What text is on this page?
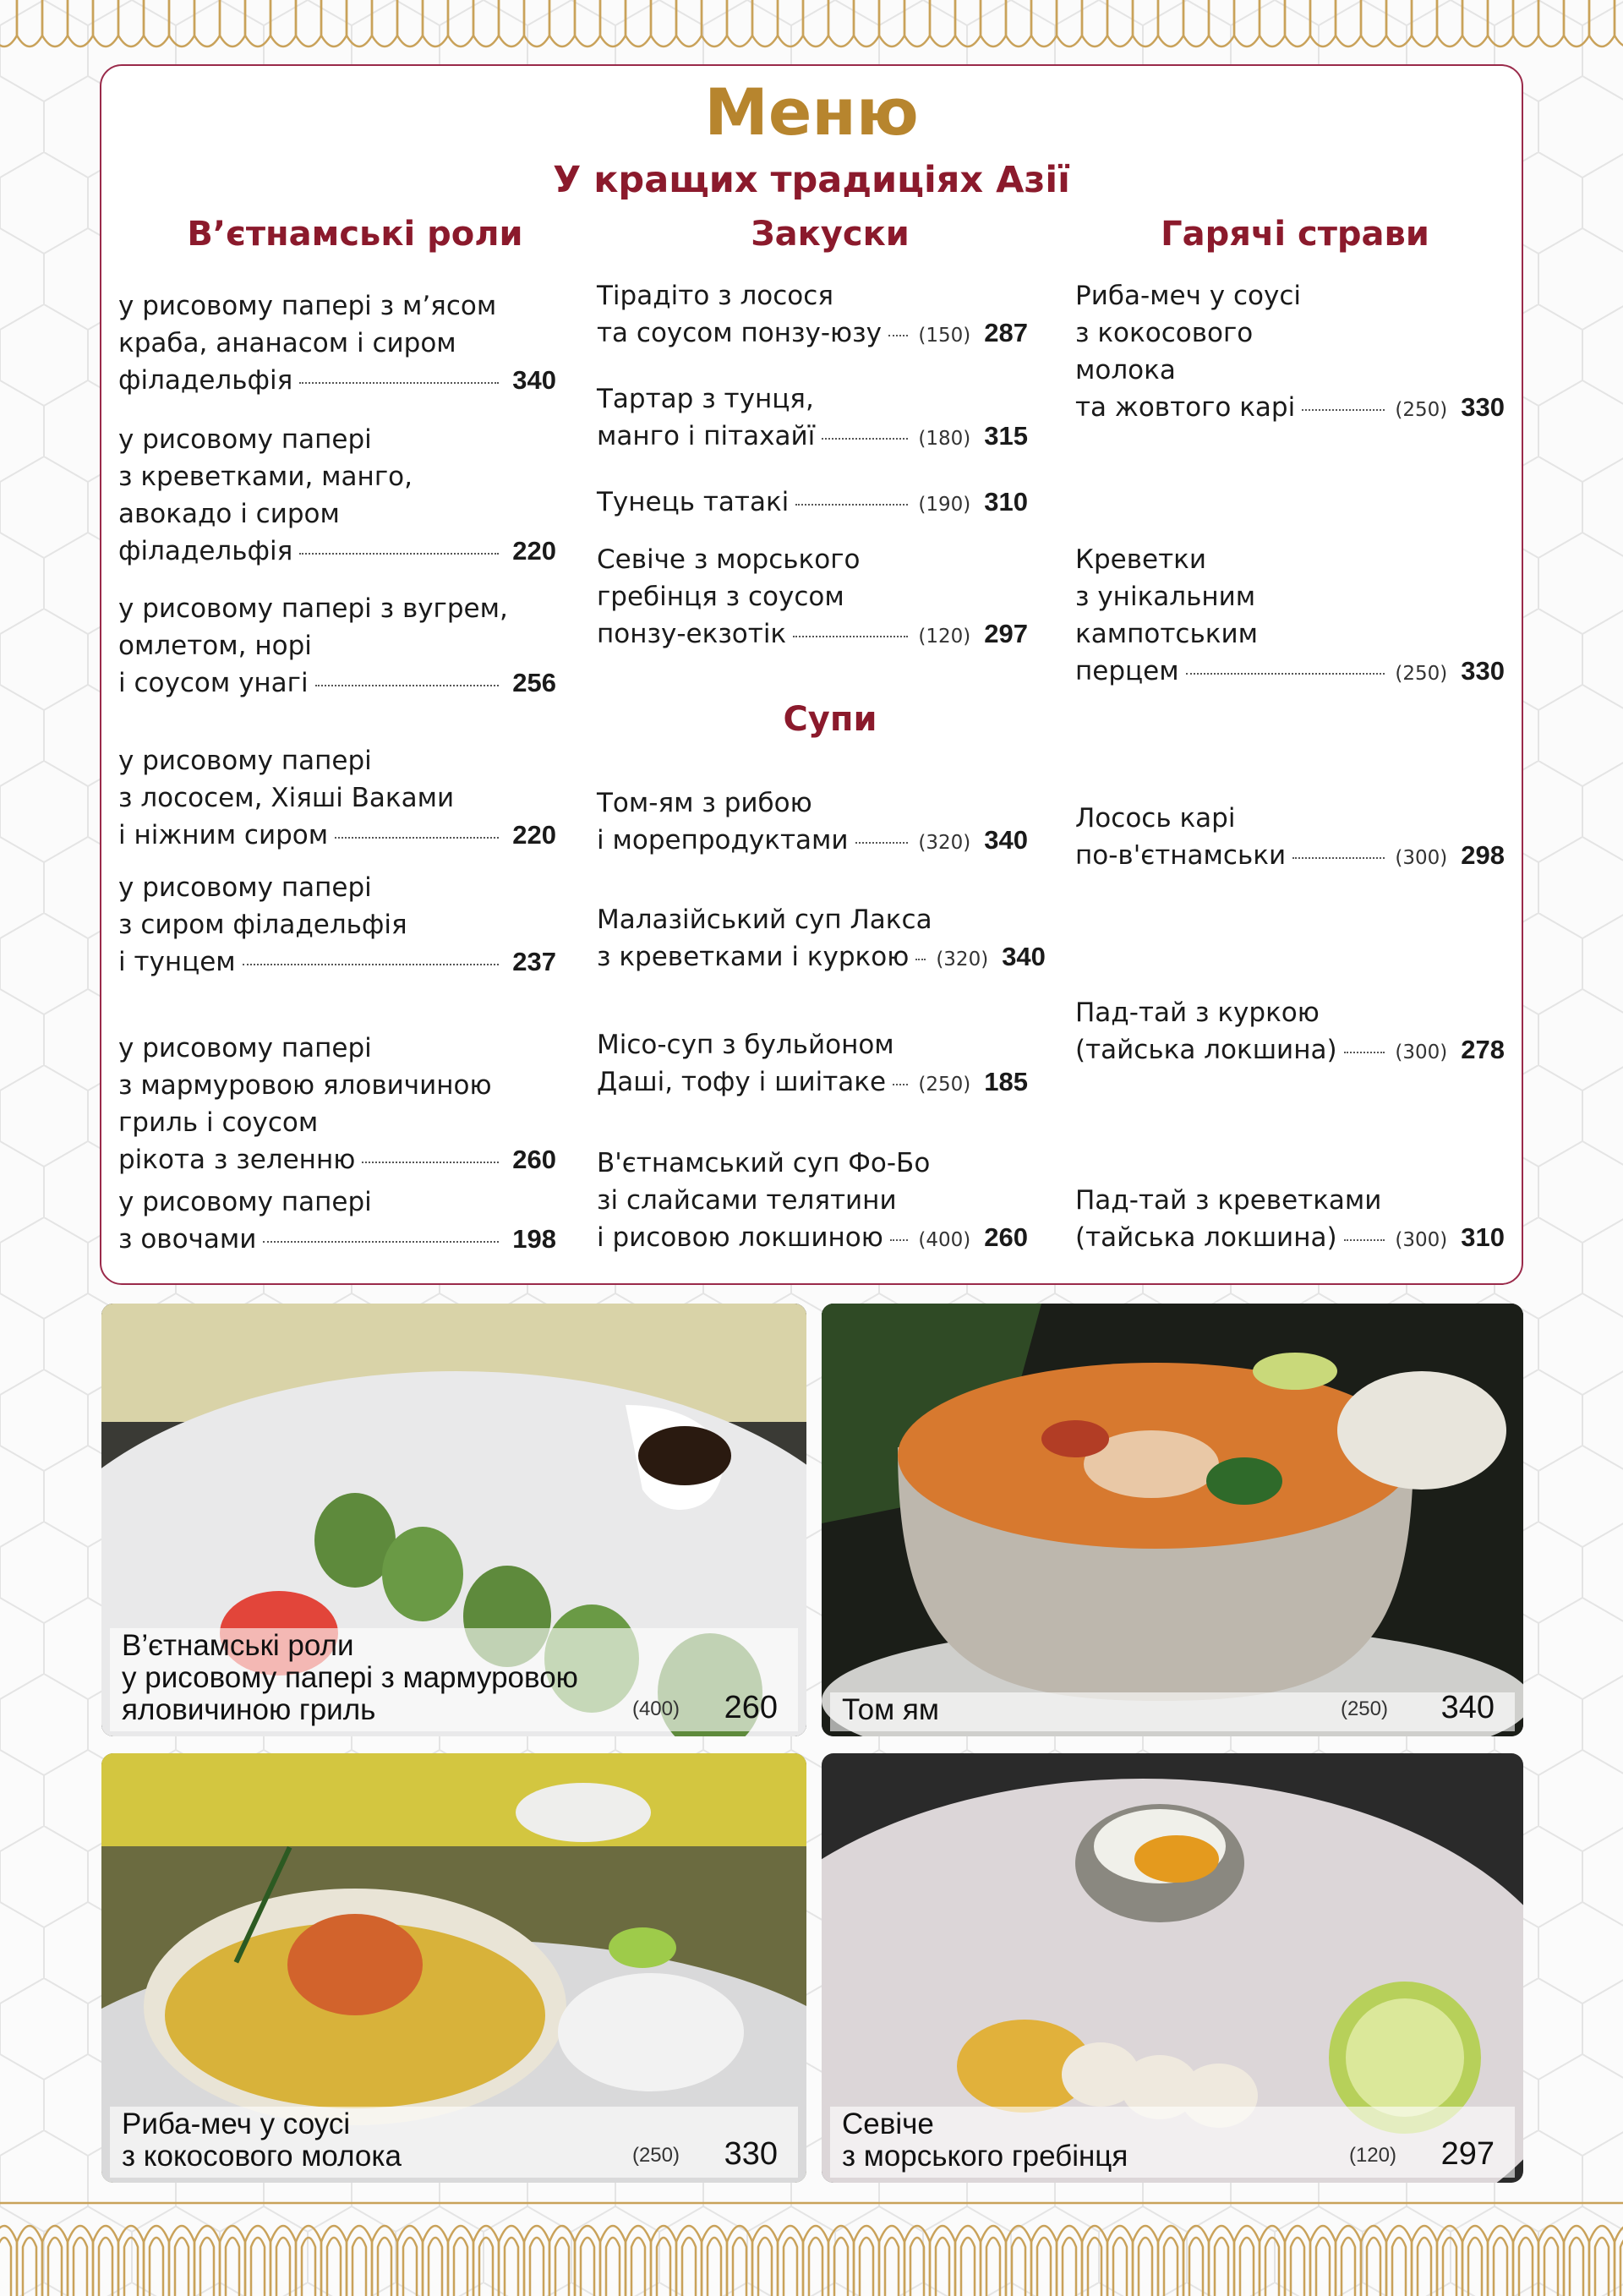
Меню
У кращих традиціях Азії
В’єтнамські роли	Закуски	Гарячі страви
Супи
у рисовому папері з м’ясом
краба, ананасом і сиром
філадельфія	340
у рисовому папері
з креветками, манго,
авокадо і сиром
філадельфія	220
у рисовому папері з вугрем,
омлетом, норі
і соусом унагі	256
у рисовому папері
з лососем, Хіяші Ваками
і ніжним сиром	220
у рисовому папері
з сиром філадельфія
і тунцем	237
у рисовому папері
з мармуровою яловичиною
гриль і соусом
рікота з зеленню	260
у рисовому папері
з овочами	198
Тірадіто з лосося
та соусом понзу-юзу (150) 287
Тартар з тунця,
манго і пітахайї	(180) 315
Тунець татакі	(190) 310
Севіче з морського
гребінця з соусом
понзу-екзотік	(120) 297
Том-ям з рибою
і морепродуктами	(320) 340
Малазійський суп Лакса
з креветками і куркою (320) 340
Місо-суп з бульйоном
Даші, тофу і шиітаке (250) 185
В'єтнамський суп Фо-Бо
зі слайсами телятини
і рисовою локшиною (400) 260
Риба-меч у соусі
з кокосового
молока
та жовтого карі	(250) 330
Креветки
з унікальним
кампотським
перцем	(250) 330
Лосось карі
по-в'єтнамськи	(300) 298
Пад-тай з куркою
(тайська локшина)	(300) 278
Пад-тай з креветками
(тайська локшина)	(300) 310
В’єтнамські роли
у рисовому папері з мармуровою
яловичиною гриль	(400) 260 Том ям	(250) 340
Риба-меч у соусі
з кокосового молока	(250) 330
Севіче
з морського гребінця	(120) 297
